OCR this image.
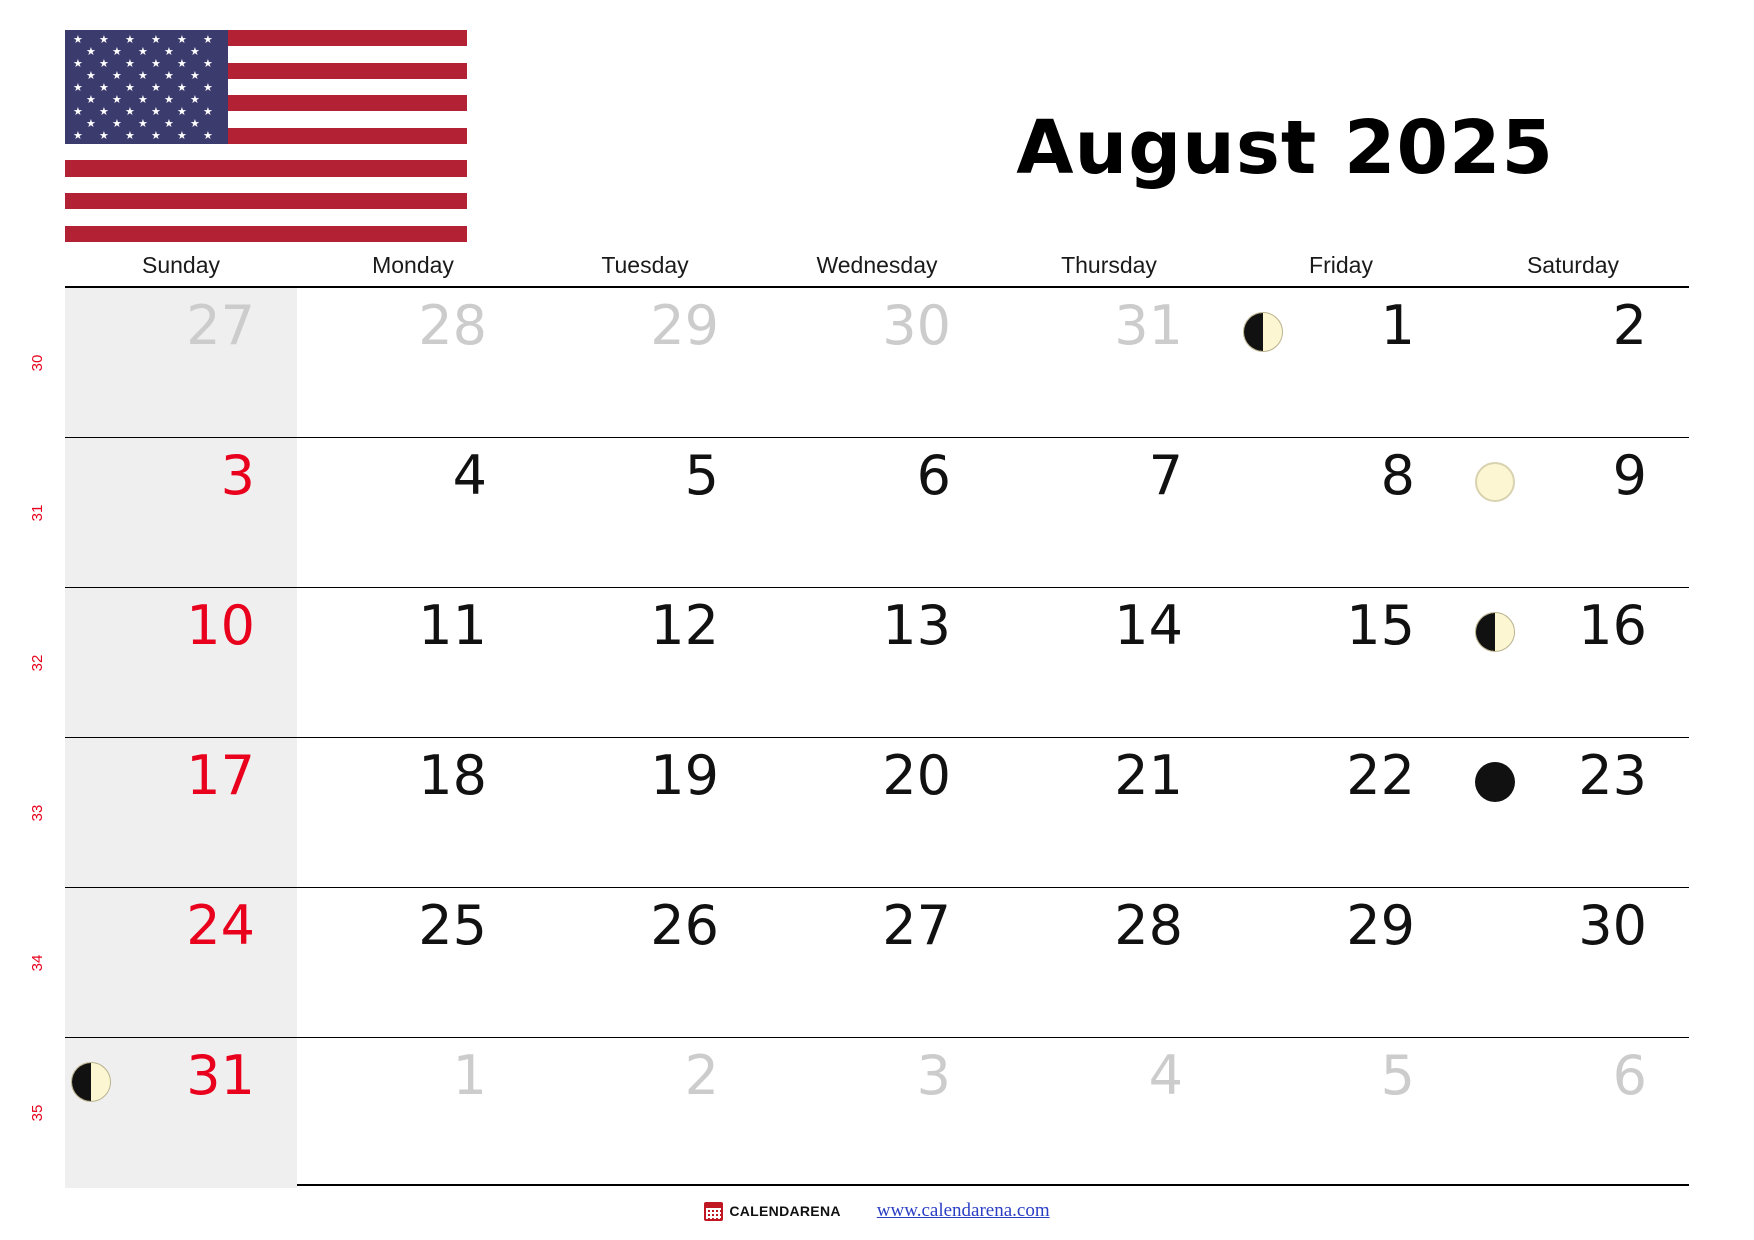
★ ★ ★ ★ ★ ★
★ ★ ★ ★ ★
★ ★ ★ ★ ★ ★
★ ★ ★ ★ ★
★ ★ ★ ★ ★ ★
★ ★ ★ ★ ★
★ ★ ★ ★ ★ ★
★ ★ ★ ★ ★
★ ★ ★ ★ ★ ★	August 2025
Sunday	Monday	Tuesday	Wednesday	Thursday	Friday	Saturday
30
27	28	29	30	31	1	2
31
3	4	5	6	7	8	9
32
10	11	12	13	14	15	16
33
17	18	19	20	21	22	23
34
24	25	26	27	28	29	30
35
31	1	2	3	4	5	6
CALENDARENA www.calendarena.com
